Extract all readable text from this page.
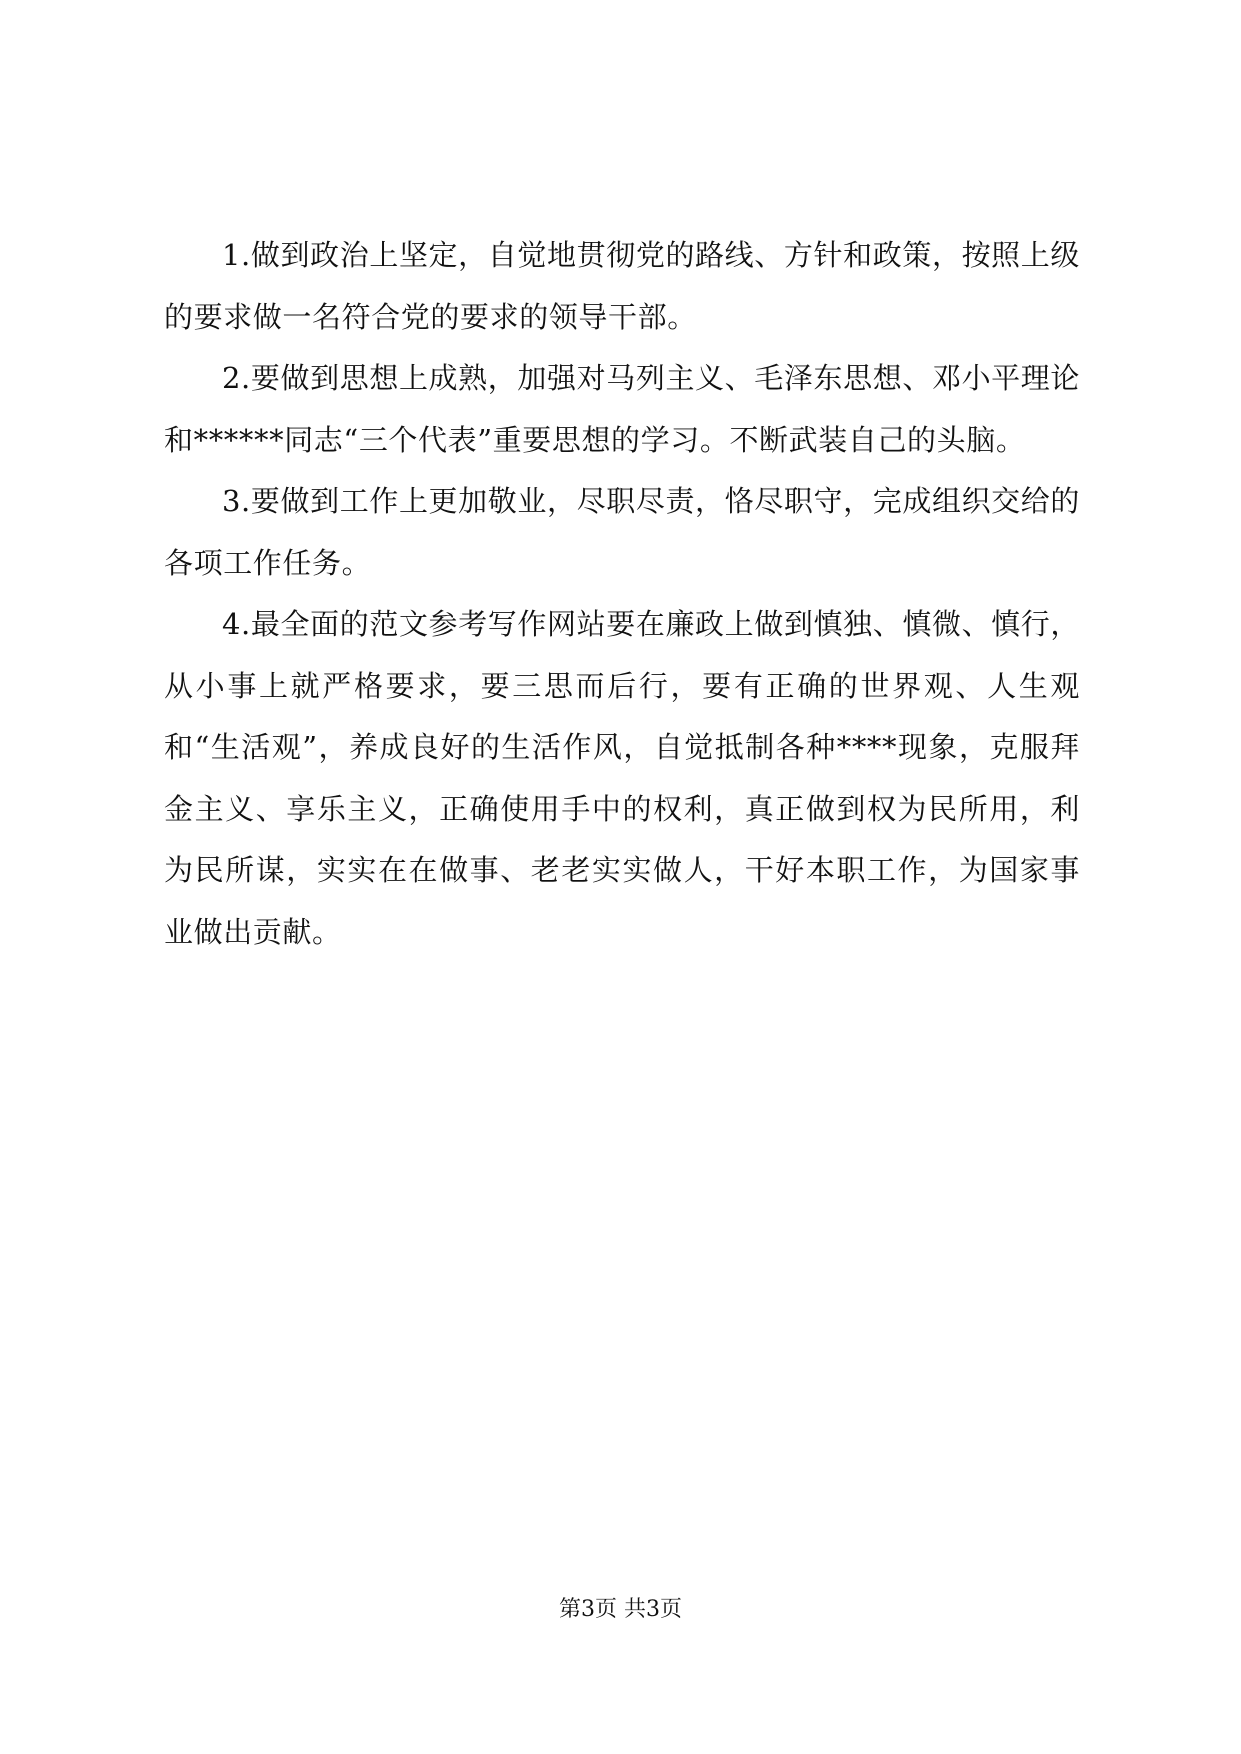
1.做到政治上坚定，自觉地贯彻党的路线、方针和政策，按照上级的要求做一名符合党的要求的领导干部。

2.要做到思想上成熟，加强对马列主义、毛泽东思想、邓小平理论和******同志“三个代表”重要思想的学习。不断武装自己的头脑。

3.要做到工作上更加敬业，尽职尽责，恪尽职守，完成组织交给的各项工作任务。

4.最全面的范文参考写作网站要在廉政上做到慎独、慎微、慎行，从小事上就严格要求，要三思而后行，要有正确的世界观、人生观和“生活观”，养成良好的生活作风，自觉抵制各种****现象，克服拜金主义、享乐主义，正确使用手中的权利，真正做到权为民所用，利为民所谋，实实在在做事、老老实实做人，干好本职工作，为国家事业做出贡献。

第3页 共3页
